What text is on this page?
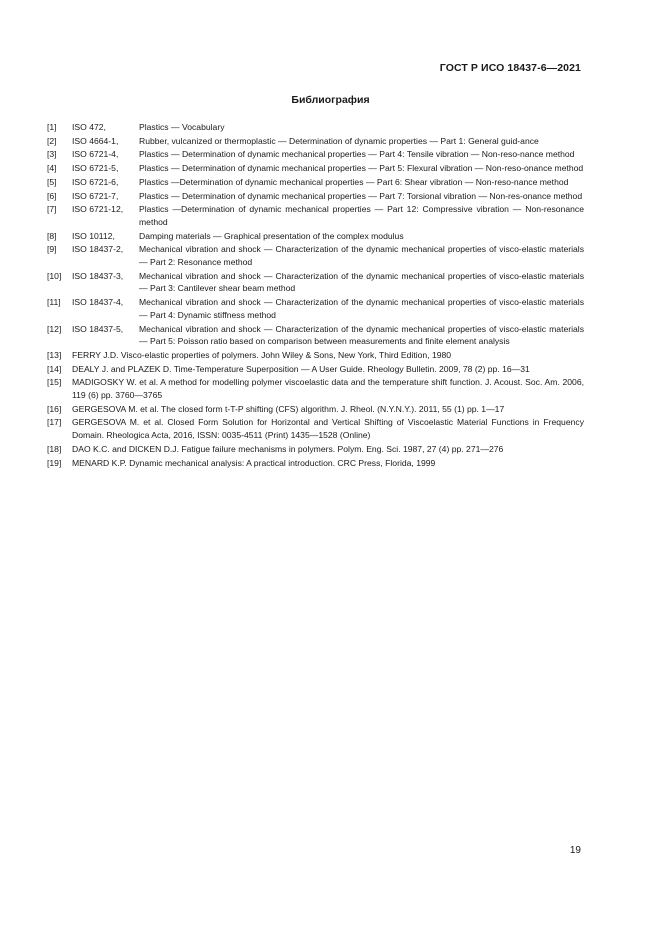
ГОСТ Р ИСО 18437-6—2021
Библиография
[1]	ISO 472,	Plastics — Vocabulary
[2]	ISO 4664-1,	Rubber, vulcanized or thermoplastic — Determination of dynamic properties — Part 1: General guid-ance
[3]	ISO 6721-4,	Plastics — Determination of dynamic mechanical properties — Part 4: Tensile vibration — Non-reso-nance method
[4]	ISO 6721-5,	Plastics — Determination of dynamic mechanical properties — Part 5: Flexural vibration — Non-reso-onance method
[5]	ISO 6721-6,	Plastics —Determination of dynamic mechanical properties — Part 6: Shear vibration — Non-reso-nance method
[6]	ISO 6721-7,	Plastics — Determination of dynamic mechanical properties — Part 7: Torsional vibration — Non-res-onance method
[7]	ISO 6721-12,	Plastics —Determination of dynamic mechanical properties — Part 12: Compressive vibration — Non-resonance method
[8]	ISO 10112,	Damping materials — Graphical presentation of the complex modulus
[9]	ISO 18437-2,	Mechanical vibration and shock — Characterization of the dynamic mechanical properties of visco-elastic materials — Part 2: Resonance method
[10]	ISO 18437-3,	Mechanical vibration and shock — Characterization of the dynamic mechanical properties of visco-elastic materials — Part 3: Cantilever shear beam method
[11]	ISO 18437-4,	Mechanical vibration and shock — Characterization of the dynamic mechanical properties of visco-elastic materials — Part 4: Dynamic stiffness method
[12]	ISO 18437-5,	Mechanical vibration and shock — Characterization of the dynamic mechanical properties of visco-elastic materials — Part 5: Poisson ratio based on comparison between measurements and finite element analysis
[13]	FERRY J.D. Visco-elastic properties of polymers. John Wiley & Sons, New York, Third Edition, 1980
[14]	DEALY J. and PLAZEK D. Time-Temperature Superposition — A User Guide. Rheology Bulletin. 2009, 78 (2) pp. 16—31
[15]	MADIGOSKY W. et al. A method for modelling polymer viscoelastic data and the temperature shift function. J. Acoust. Soc. Am. 2006, 119 (6) pp. 3760—3765
[16]	GERGESOVA M. et al. The closed form t-T-P shifting (CFS) algorithm. J. Rheol. (N.Y.N.Y.). 2011, 55 (1) pp. 1—17
[17]	GERGESOVA M. et al. Closed Form Solution for Horizontal and Vertical Shifting of Viscoelastic Material Functions in Frequency Domain. Rheologica Acta, 2016, ISSN: 0035-4511 (Print) 1435—1528 (Online)
[18]	DAO K.C. and DICKEN D.J. Fatigue failure mechanisms in polymers. Polym. Eng. Sci. 1987, 27 (4) pp. 271—276
[19]	MENARD K.P. Dynamic mechanical analysis: A practical introduction. CRC Press, Florida, 1999
19
